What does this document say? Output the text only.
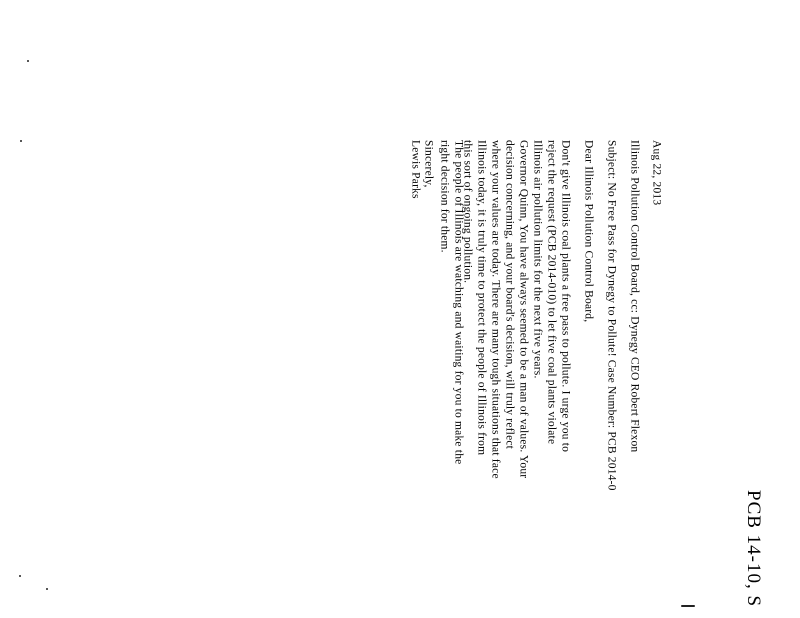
PCB 14-10, S
Aug 22, 2013
Illinois Pollution Control Board, cc: Dynegy CEO Robert Flexon
Subject: No Free Pass for Dynegy to Pollute! Case Number: PCB 2014-0
Dear Illinois Pollution Control Board,
Don't give Illinois coal plants a free pass to pollute. I urge you to
reject the request (PCB 2014-010) to let five coal plants violate
Illinois air pollution limits for the next five years.
Governor Quinn, You have always seemed to be a man of values. Your
decision concerning, and your board's decision, will truly reflect
where your values are today. There are many tough situations that face
Illinois today, it is truly time to protect the people of Illinois from
this sort of ongoing pollution.
The people of Illinois are watching and waiting for you to make the
right decision for them.
Sincerely,
Lewis Parks
